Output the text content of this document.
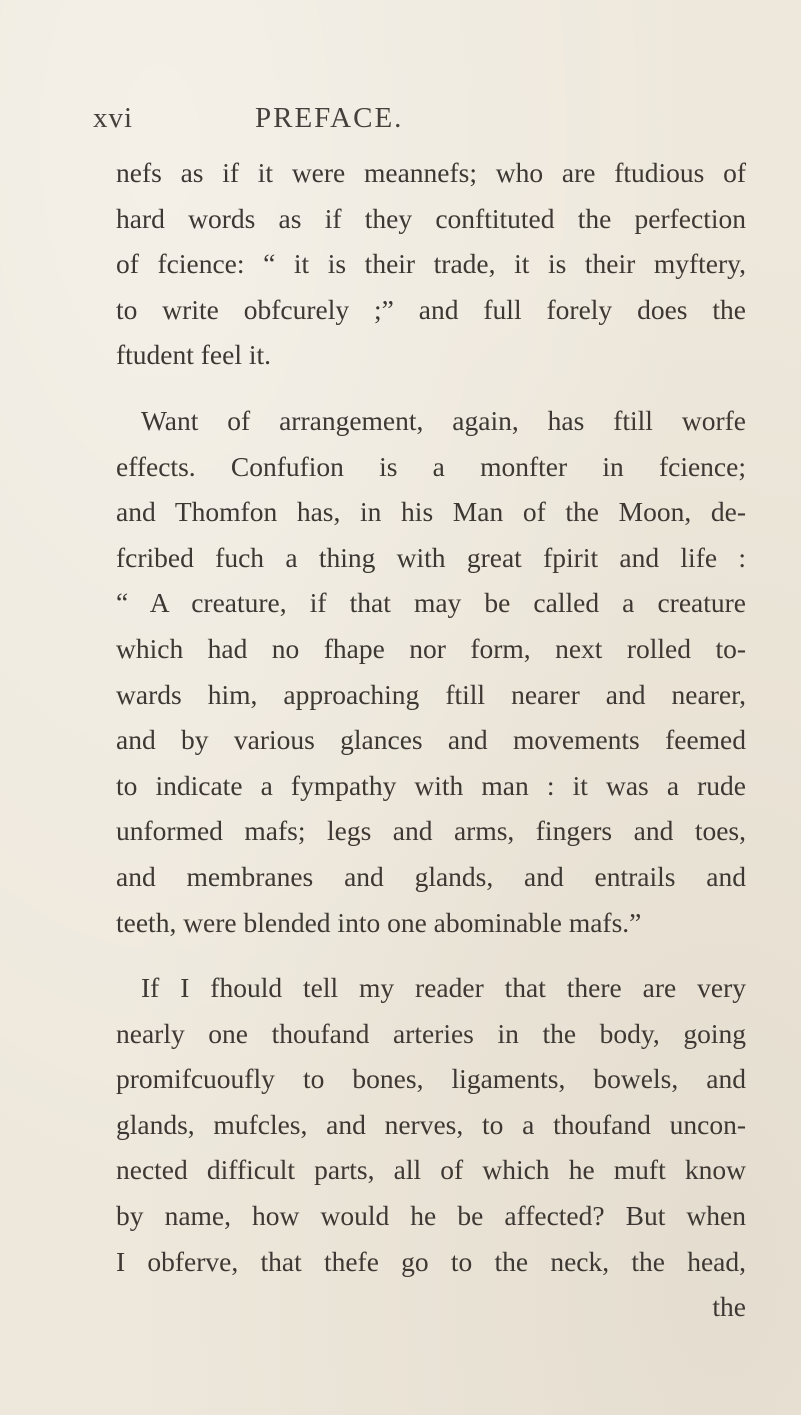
xvi	PREFACE.
nefs as if it were meannefs; who are ftudious of
hard words as if they conftituted the perfection
of fcience: “ it is their trade, it is their myftery,
to write obfcurely ;” and full forely does the
ftudent feel it.
Want of arrangement, again, has ftill worfe
effects. Confufion is a monfter in fcience;
and Thomfon has, in his Man of the Moon, de-
fcribed fuch a thing with great fpirit and life :
“ A creature, if that may be called a creature
which had no fhape nor form, next rolled to-
wards him, approaching ftill nearer and nearer,
and by various glances and movements feemed
to indicate a fympathy with man : it was a rude
unformed mafs; legs and arms, fingers and toes,
and membranes and glands, and entrails and
teeth, were blended into one abominable mafs.”
If I fhould tell my reader that there are very
nearly one thoufand arteries in the body, going
promifcuoufly to bones, ligaments, bowels, and
glands, mufcles, and nerves, to a thoufand uncon-
nected difficult parts, all of which he muft know
by name, how would he be affected? But when
I obferve, that thefe go to the neck, the head,
the
